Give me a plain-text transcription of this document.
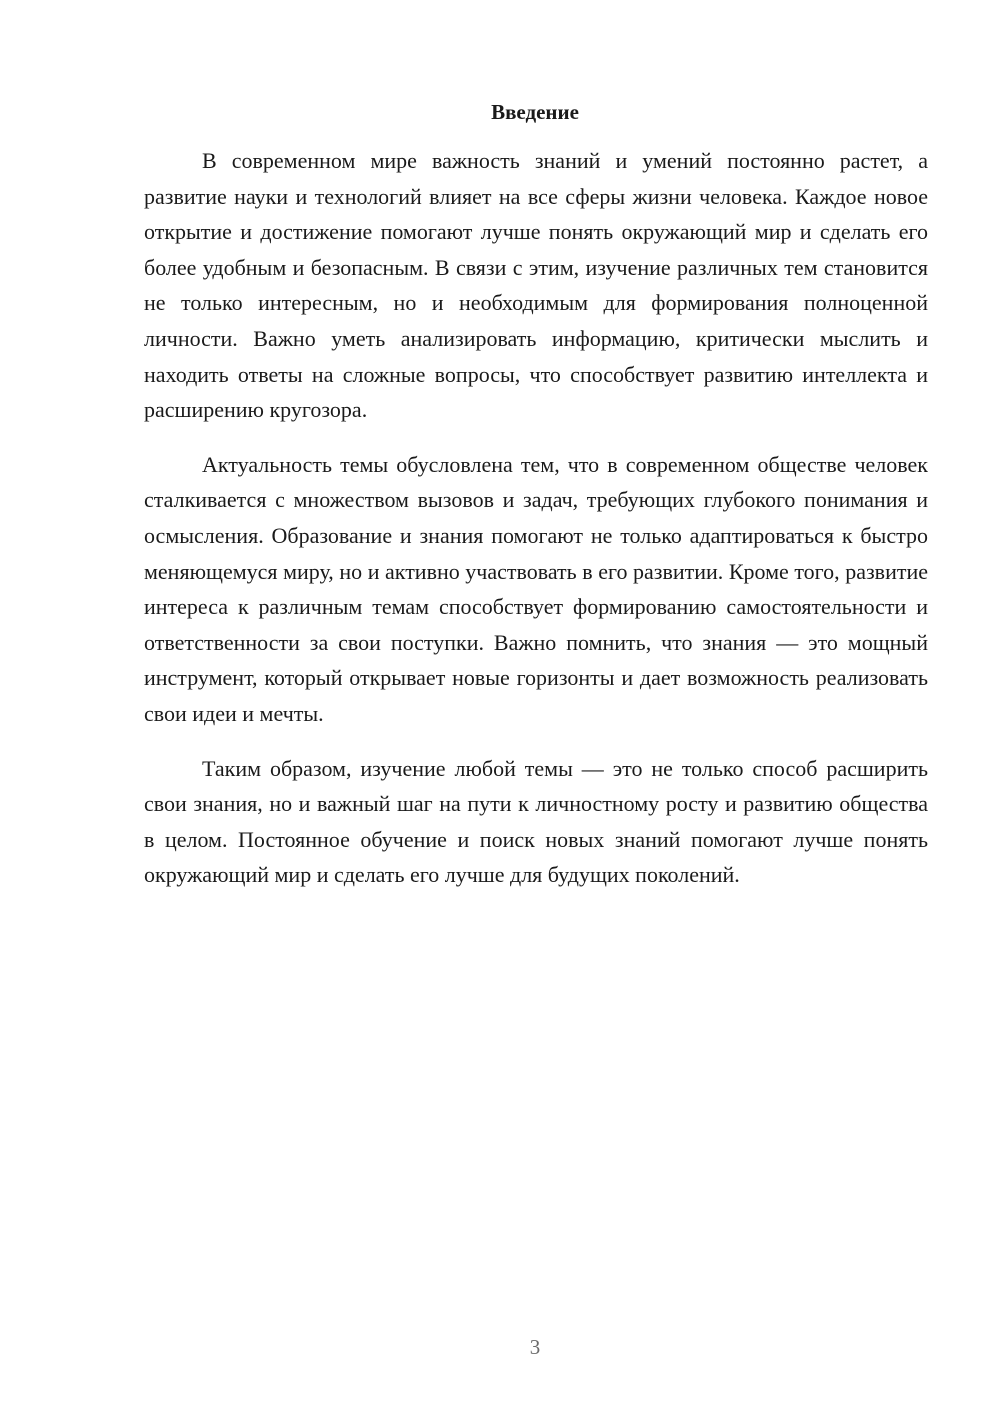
Введение

В современном мире важность знаний и умений постоянно растет, а развитие науки и технологий влияет на все сферы жизни человека. Каждое новое открытие и достижение помогают лучше понять окружающий мир и сделать его более удобным и безопасным. В связи с этим, изучение различных тем становится не только интересным, но и необходимым для формирования полноценной личности. Важно уметь анализировать информацию, критически мыслить и находить ответы на сложные вопросы, что способствует развитию интеллекта и расширению кругозора.

Актуальность темы обусловлена тем, что в современном обществе человек сталкивается с множеством вызовов и задач, требующих глубокого понимания и осмысления. Образование и знания помогают не только адаптироваться к быстро меняющемуся миру, но и активно участвовать в его развитии. Кроме того, развитие интереса к различным темам способствует формированию самостоятельности и ответственности за свои поступки. Важно помнить, что знания — это мощный инструмент, который открывает новые горизонты и дает возможность реализовать свои идеи и мечты.

Таким образом, изучение любой темы — это не только способ расширить свои знания, но и важный шаг на пути к личностному росту и развитию общества в целом. Постоянное обучение и поиск новых знаний помогают лучше понять окружающий мир и сделать его лучше для будущих поколений.

3
